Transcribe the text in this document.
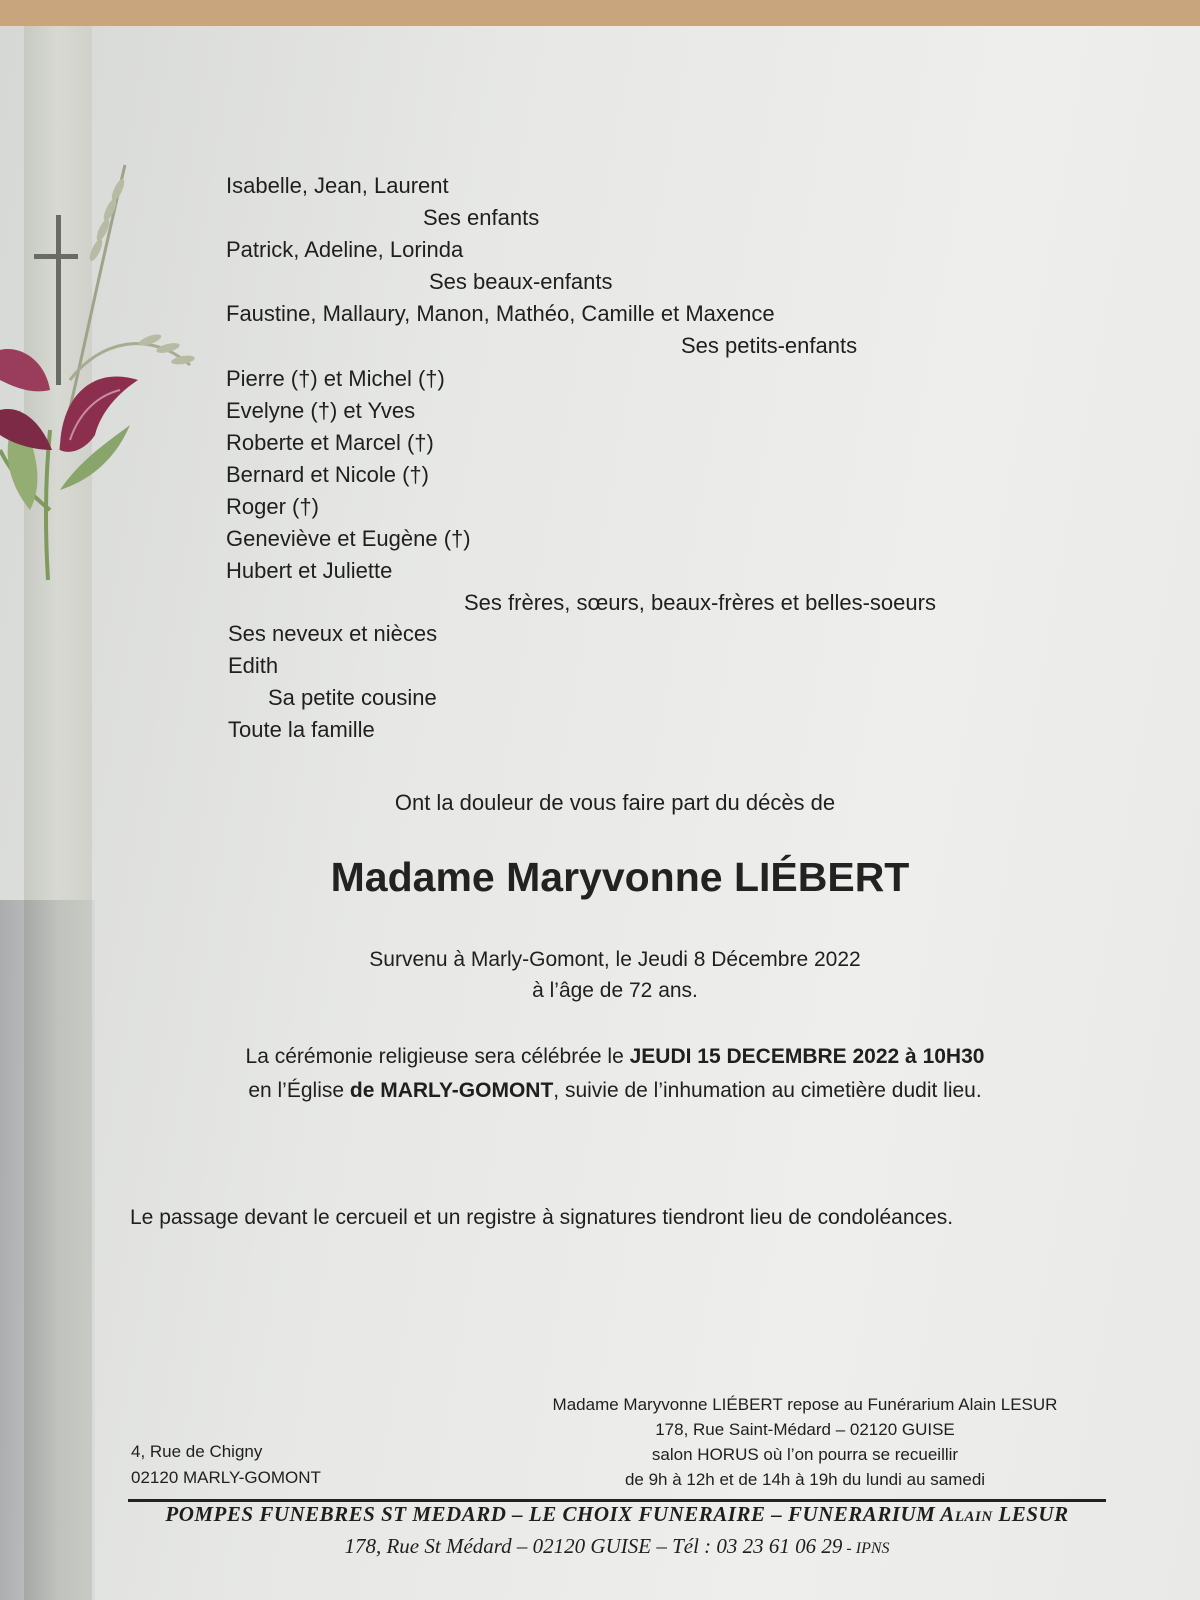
Isabelle, Jean, Laurent

Ses enfants

Patrick, Adeline, Lorinda

Ses beaux-enfants

Faustine, Mallaury, Manon, Mathéo, Camille et Maxence

Ses petits-enfants

Pierre (†) et Michel (†)

Evelyne (†) et Yves

Roberte et Marcel (†)

Bernard et Nicole (†)

Roger (†)

Geneviève et Eugène (†)

Hubert et Juliette

Ses frères, sœurs, beaux-frères et belles-soeurs

Ses neveux et nièces

Edith

Sa petite cousine

Toute la famille

Ont la douleur de vous faire part du décès de
Madame Maryvonne LIÉBERT
Survenu à Marly-Gomont, le Jeudi 8 Décembre 2022
à l’âge de 72 ans.
La cérémonie religieuse sera célébrée le JEUDI 15 DECEMBRE 2022 à 10H30
en l’Église de MARLY-GOMONT, suivie de l’inhumation au cimetière dudit lieu.
Le passage devant le cercueil et un registre à signatures tiendront lieu de condoléances.
4, Rue de Chigny
02120 MARLY-GOMONT
Madame Maryvonne LIÉBERT repose au Funérarium Alain LESUR
178, Rue Saint-Médard – 02120 GUISE
salon HORUS où l’on pourra se recueillir
de 9h à 12h et de 14h à 19h du lundi au samedi
POMPES FUNEBRES ST MEDARD – LE CHOIX FUNERAIRE – FUNERARIUM Alain LESUR
178, Rue St Médard – 02120 GUISE – Tél : 03 23 61 06 29 - IPNS
